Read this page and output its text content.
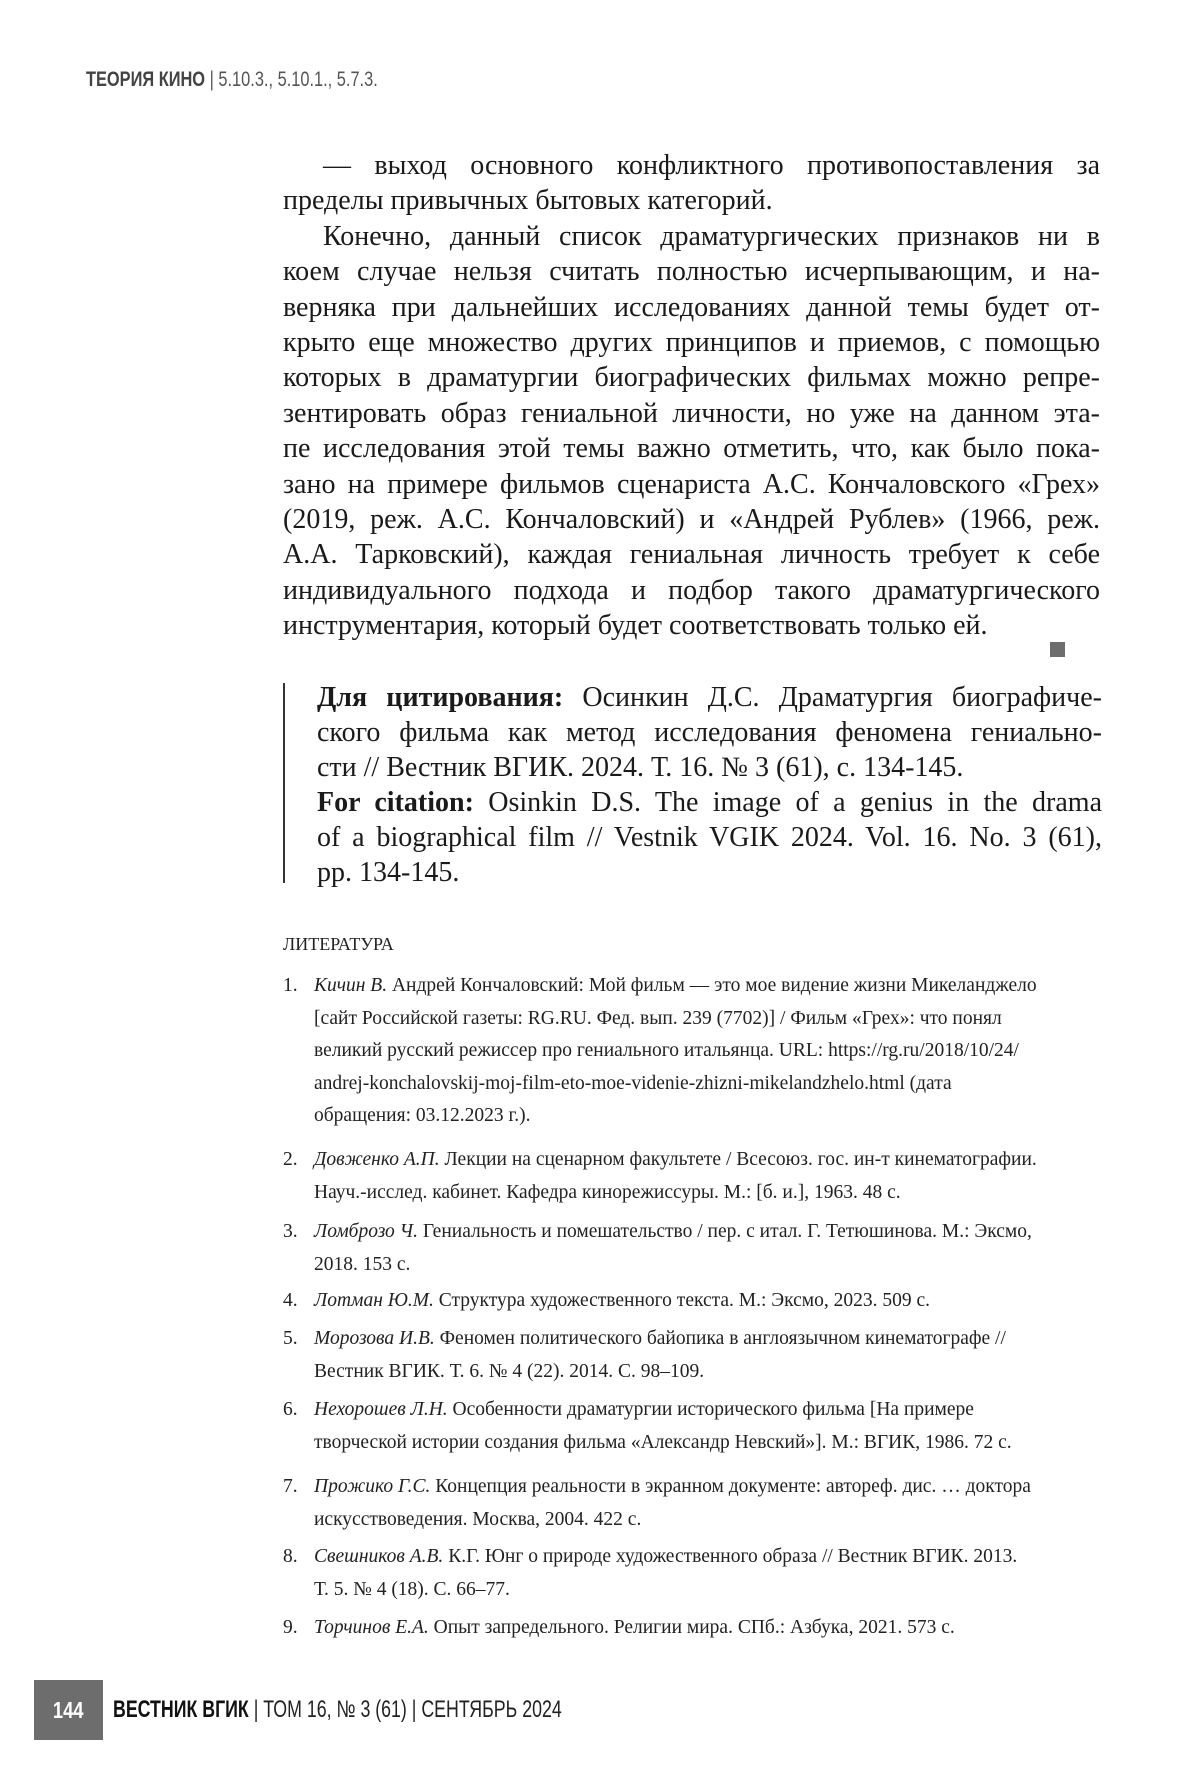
ТЕОРИЯ КИНО | 5.10.3., 5.10.1., 5.7.3.
— выход основного конфликтного противопоставления за
пределы привычных бытовых категорий.
Конечно, данный список драматургических признаков ни в
коем случае нельзя считать полностью исчерпывающим, и на-
верняка при дальнейших исследованиях данной темы будет от-
крыто еще множество других принципов и приемов, с помощью
которых в драматургии биографических фильмах можно репре-
зентировать образ гениальной личности, но уже на данном эта-
пе исследования этой темы важно отметить, что, как было пока-
зано на примере фильмов сценариста А.С. Кончаловского «Грех»
(2019, реж. А.С. Кончаловский) и «Андрей Рублев» (1966, реж.
А.А. Тарковский), каждая гениальная личность требует к себе
индивидуального подхода и подбор такого драматургического
инструментария, который будет соответствовать только ей.
Для цитирования: Осинкин Д.С. Драматургия биографиче-
ского фильма как метод исследования феномена гениально-
сти // Вестник ВГИК. 2024. Т. 16. № 3 (61), с. 134-145.
For citation: Osinkin D.S. The image of a genius in the drama
of a biographical film // Vestnik VGIK 2024. Vol. 16. No. 3 (61),
pp. 134-145.
ЛИТЕРАТУРА
1. Кичин В. Андрей Кончаловский: Мой фильм — это мое видение жизни Микеланджело
[сайт Российской газеты: RG.RU. Фед. вып. 239 (7702)] / Фильм «Грех»: что понял
великий русский режиссер про гениального итальянца. URL: https://rg.ru/2018/10/24/
andrej-konchalovskij-moj-film-eto-moe-videnie-zhizni-mikelandzhelo.html (дата
обращения: 03.12.2023 г.).
2. Довженко А.П. Лекции на сценарном факультете / Всесоюз. гос. ин-т кинематографии.
Науч.-исслед. кабинет. Кафедра кинорежиссуры. М.: [б. и.], 1963. 48 с.
3. Ломброзо Ч. Гениальность и помешательство / пер. с итал. Г. Тетюшинова. М.: Эксмо,
2018. 153 с.
4. Лотман Ю.М. Структура художественного текста. М.: Эксмо, 2023. 509 с.
5. Морозова И.В. Феномен политического байопика в англоязычном кинематографе //
Вестник ВГИК. Т. 6. № 4 (22). 2014. С. 98–109.
6. Нехорошев Л.Н. Особенности драматургии исторического фильма [На примере
творческой истории создания фильма «Александр Невский»]. М.: ВГИК, 1986. 72 с.
7. Прожико Г.С. Концепция реальности в экранном документе: автореф. дис. … доктора
искусствоведения. Москва, 2004. 422 с.
8. Свешников А.В. К.Г. Юнг о природе художественного образа // Вестник ВГИК. 2013.
Т. 5. № 4 (18). С. 66–77.
9. Торчинов Е.А. Опыт запредельного. Религии мира. СПб.: Азбука, 2021. 573 с.
144 ВЕСТНИК ВГИК | ТОМ 16, № 3 (61) | СЕНТЯБРЬ 2024
